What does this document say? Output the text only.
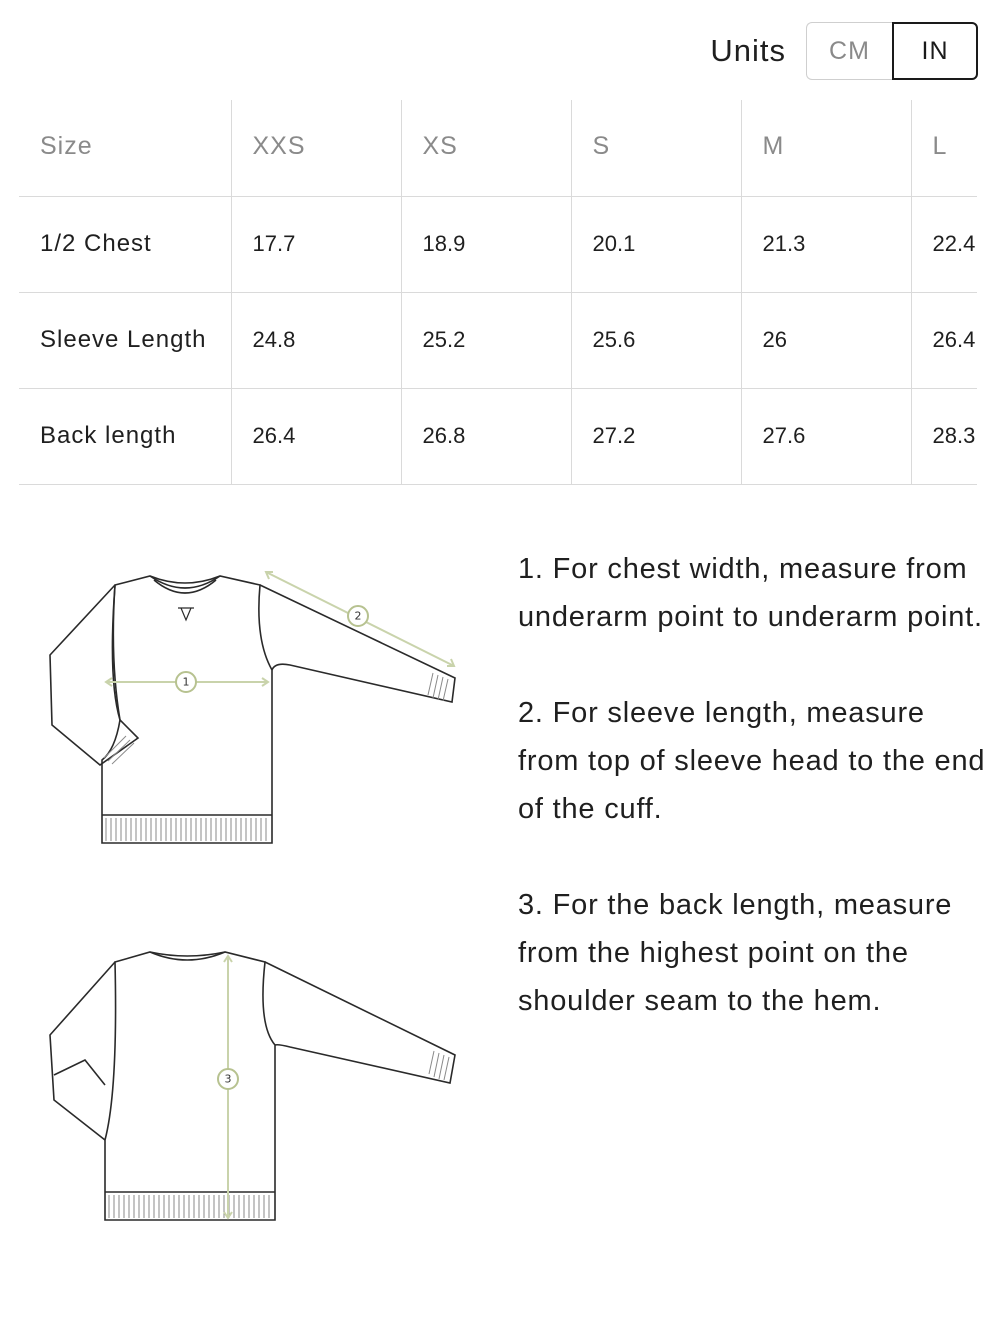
Units	CM	IN
Size	XXS	XS	S	M	L
1/2 Chest	17.7	18.9	20.1	21.3	22.4
Sleeve Length	24.8	25.2	25.6	26	26.4
Back length	26.4	26.8	27.2	27.6	28.3
1
2
3

1. For chest width, measure from underarm point to underarm point.

2. For sleeve length, measure from top of sleeve head to the end of the cuff.

3. For the back length, measure from the highest point on the shoulder seam to the hem.
